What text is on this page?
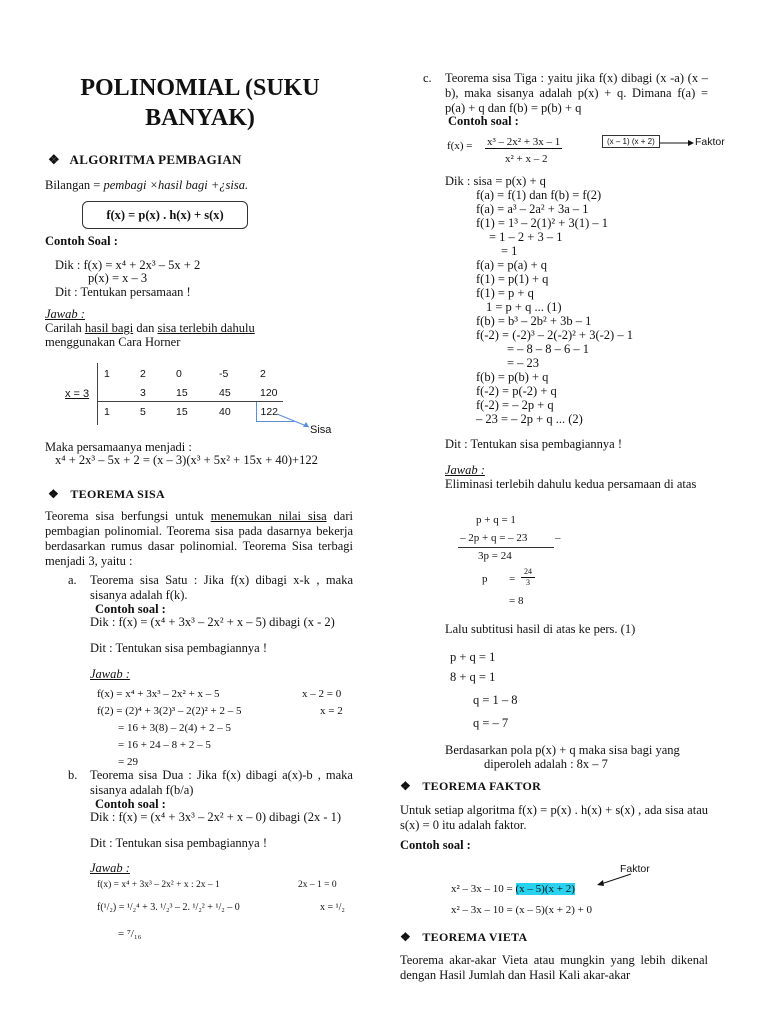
POLINOMIAL (SUKU
BANYAK)
❖ ALGORITMA PEMBAGIAN
Bilangan = pembagi ×hasil bagi +¿sisa.
f(x) = p(x) . h(x) + s(x)
Contoh Soal :
Dik : f(x) = x⁴ + 2x³ – 5x + 2
p(x) = x – 3
Dit : Tentukan persamaan !
Jawab :
Carilah hasil bagi dan sisa terlebih dahulu
menggunakan Cara Horner
x = 3
1	2	0	-5	2
	3	15	45	120
1	5	15	40	122
Sisa
Maka persamaanya menjadi :
x⁴ + 2x³ – 5x + 2 = (x – 3)(x³ + 5x² + 15x + 40)+122
❖ TEOREMA SISA
Teorema sisa berfungsi untuk menemukan nilai sisa dari pembagian polinomial. Teorema sisa pada dasarnya bekerja berdasarkan rumus dasar polinomial. Teorema Sisa terbagi menjadi 3, yaitu :
a. Teorema sisa Satu : Jika f(x) dibagi x-k , maka sisanya adalah f(k).
Contoh soal :
Dik : f(x) = (x⁴ + 3x³ – 2x² + x – 5) dibagi (x - 2)
Dit : Tentukan sisa pembagiannya !
Jawab :
f(x) = x⁴ + 3x³ – 2x² + x – 5	x – 2 = 0
f(2) = (2)⁴ + 3(2)³ – 2(2)² + 2 – 5	x = 2
= 16 + 3(8) – 2(4) + 2 – 5
= 16 + 24 – 8 + 2 – 5
= 29
b. Teorema sisa Dua : Jika f(x) dibagi a(x)-b , maka sisanya adalah f(b/a)
Contoh soal :
Dik : f(x) = (x⁴ + 3x³ – 2x² + x – 0) dibagi (2x - 1)
Dit : Tentukan sisa pembagiannya !
Jawab :
f(x) = x⁴ + 3x³ – 2x² + x : 2x – 1	2x – 1 = 0
f(¹/₂) = ¹/₂⁴ + 3. ¹/₂³ – 2. ¹/₂² + ¹/₂ – 0	x = ¹/₂
= ⁷/₁₆
c. Teorema sisa Tiga : yaitu jika f(x) dibagi (x -a) (x – b), maka sisanya adalah p(x) + q. Dimana f(a) = p(a) + q dan f(b) = p(b) + q
Contoh soal :
f(x) = x³ – 2x² + 3x – 1
x² + x – 2
(x – 1) (x + 2)	Faktor
Dik : sisa = p(x) + q
f(a) = f(1) dan f(b) = f(2)
f(a) = a³ – 2a² + 3a – 1
f(1) = 1³ – 2(1)² + 3(1) – 1
= 1 – 2 + 3 – 1
= 1
f(a) = p(a) + q
f(1) = p(1) + q
f(1) = p + q
1 = p + q ... (1)
f(b) = b³ – 2b² + 3b – 1
f(-2) = (-2)³ – 2(-2)² + 3(-2) – 1
= – 8 – 8 – 6 – 1
= – 23
f(b) = p(b) + q
f(-2) = p(-2) + q
f(-2) = – 2p + q
– 23 = – 2p + q ... (2)
Dit : Tentukan sisa pembagiannya !
Jawab :
Eliminasi terlebih dahulu kedua persamaan di atas
p + q = 1
– 2p + q = – 23	–
3p = 24
$p = \frac{24}{3}$
= 8
Lalu subtitusi hasil di atas ke pers. (1)
p + q = 1
8 + q = 1
q = 1 – 8
q = – 7
Berdasarkan pola p(x) + q maka sisa bagi yang
diperoleh adalah : 8x – 7
❖ TEOREMA FAKTOR
Untuk setiap algoritma f(x) = p(x) . h(x) + s(x) , ada sisa atau s(x) = 0 itu adalah faktor.
Contoh soal :
Faktor
x² – 3x – 10 = (x – 5)(x + 2)
x² – 3x – 10 = (x – 5)(x + 2) + 0
❖ TEOREMA VIETA
Teorema akar-akar Vieta atau mungkin yang lebih dikenal dengan Hasil Jumlah dan Hasil Kali akar-akar
